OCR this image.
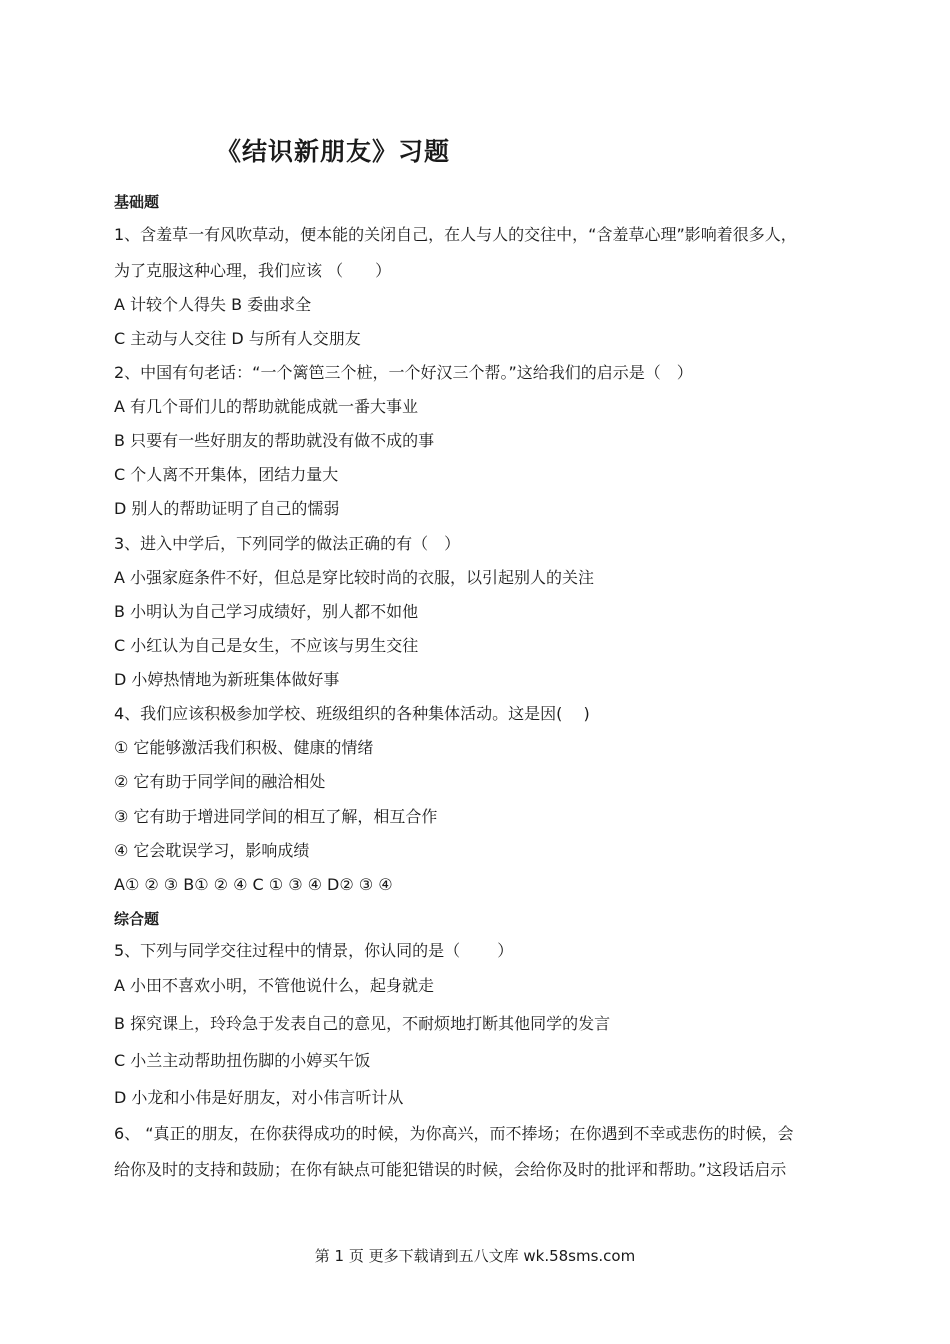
《结识新朋友》习题
基础题
1、含羞草一有风吹草动，便本能的关闭自己，在人与人的交往中，“含羞草心理”影响着很多人，
为了克服这种心理，我们应该 （　　）
A 计较个人得失 B 委曲求全
C 主动与人交往 D 与所有人交朋友
2、中国有句老话：“一个篱笆三个桩，一个好汉三个帮。”这给我们的启示是（　）
A 有几个哥们儿的帮助就能成就一番大事业
B 只要有一些好朋友的帮助就没有做不成的事
C 个人离不开集体，团结力量大
D 别人的帮助证明了自己的懦弱
3、进入中学后，下列同学的做法正确的有（　）
A 小强家庭条件不好，但总是穿比较时尚的衣服，以引起别人的关注
B 小明认为自己学习成绩好，别人都不如他
C 小红认为自己是女生，不应该与男生交往
D 小婷热情地为新班集体做好事
4、我们应该积极参加学校、班级组织的各种集体活动。这是因(　 )
① 它能够激活我们积极、健康的情绪
② 它有助于同学间的融洽相处
③ 它有助于增进同学间的相互了解，相互合作
④ 它会耽误学习，影响成绩
A① ② ③ B① ② ④ C ① ③ ④ D② ③ ④
综合题
5、下列与同学交往过程中的情景，你认同的是（　　 ）
A 小田不喜欢小明，不管他说什么，起身就走
B 探究课上，玲玲急于发表自己的意见，不耐烦地打断其他同学的发言
C 小兰主动帮助扭伤脚的小婷买午饭
D 小龙和小伟是好朋友，对小伟言听计从
6、 “真正的朋友，在你获得成功的时候，为你高兴，而不捧场；在你遇到不幸或悲伤的时候，会
给你及时的支持和鼓励；在你有缺点可能犯错误的时候，会给你及时的批评和帮助。”这段话启示
第 1 页 更多下载请到五八文库 wk.58sms.com
